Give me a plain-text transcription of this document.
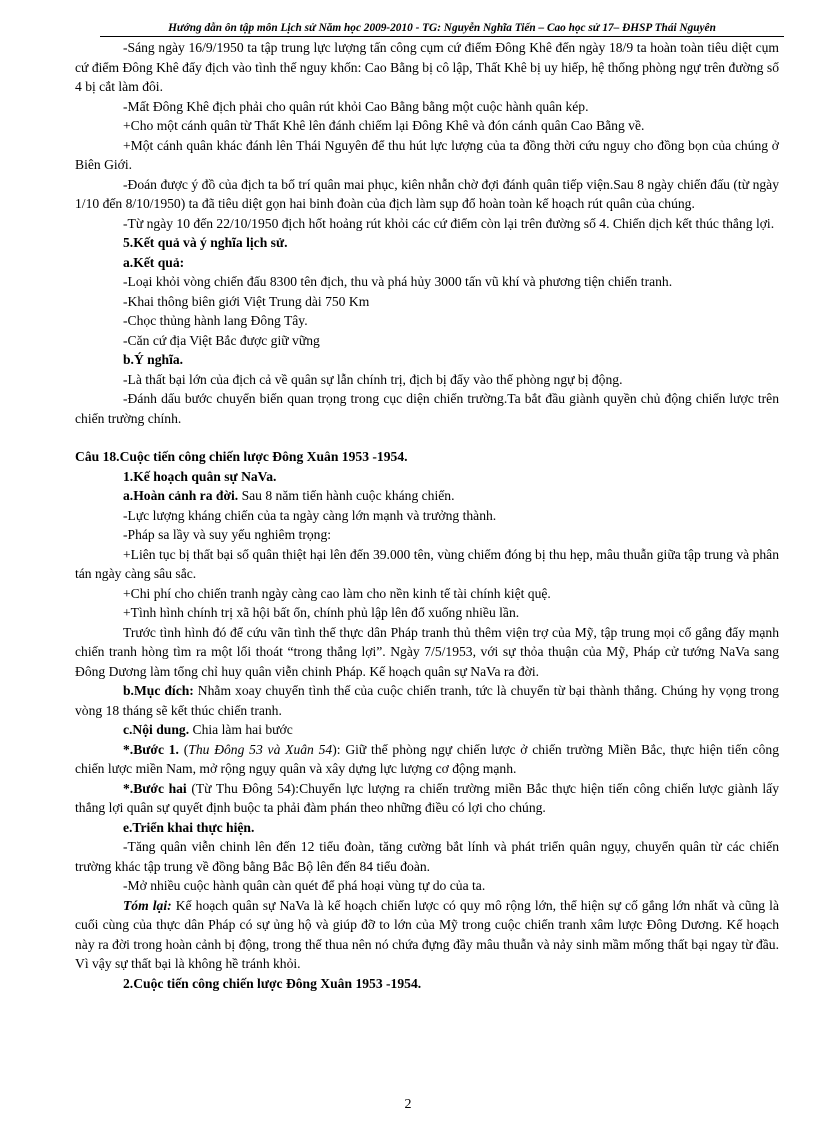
Hướng dẫn ôn tập môn Lịch sử Năm học 2009-2010 - TG: Nguyễn Nghĩa Tiến – Cao học sử 17– ĐHSP Thái Nguyên

-Sáng ngày 16/9/1950 ta tập trung lực lượng tấn công cụm cứ điểm Đông Khê đến ngày 18/9 ta hoàn toàn tiêu diệt cụm cứ điểm Đông Khê đẩy địch vào tình thế nguy khốn: Cao Bằng bị cô lập, Thất Khê bị uy hiếp, hệ thống phòng ngự trên đường số 4 bị cắt làm đôi.

-Mất Đông Khê địch phải cho quân rút khỏi Cao Bằng bằng một cuộc hành quân kép.

+Cho một cánh quân từ Thất Khê lên đánh chiếm lại Đông Khê và đón cánh quân Cao Bằng về.

+Một cánh quân khác đánh lên Thái Nguyên để thu hút lực lượng của ta đồng thời cứu nguy cho đồng bọn của chúng ở Biên Giới.

-Đoán được ý đồ của địch ta bố trí quân mai phục, kiên nhẫn chờ đợi đánh quân tiếp viện.Sau 8 ngày chiến đấu (từ ngày 1/10 đến 8/10/1950) ta đã tiêu diệt gọn hai binh đoàn của địch làm sụp đổ hoàn toàn kế hoạch rút quân của chúng.

-Từ ngày 10 đến 22/10/1950 địch hốt hoảng rút khỏi các cứ điểm còn lại trên đường số 4. Chiến dịch kết thúc thắng lợi.

5.Kết quả và ý nghĩa lịch sử.

a.Kết quả:

-Loại khỏi vòng chiến đấu 8300 tên địch, thu và phá hủy 3000 tấn vũ khí và phương tiện chiến tranh.

-Khai thông biên giới Việt Trung dài 750 Km

-Chọc thủng hành lang Đông Tây.

-Căn cứ địa Việt Bắc được giữ vững

b.Ý nghĩa.

-Là thất bại lớn của địch cả về quân sự lẫn chính trị, địch bị đẩy vào thế phòng ngự bị động.

-Đánh dấu bước chuyển biến quan trọng trong cục diện chiến trường.Ta bắt đầu giành quyền chủ động chiến lược trên chiến trường chính.

Câu 18.Cuộc tiến công chiến lược Đông Xuân 1953 -1954.

1.Kế hoạch quân sự NaVa.

a.Hoàn cảnh ra đời. Sau 8 năm tiến hành cuộc kháng chiến.

-Lực lượng kháng chiến của ta ngày càng lớn mạnh và trưởng thành.

-Pháp sa lầy và suy yếu nghiêm trọng:

+Liên tục bị thất bại số quân thiệt hại lên đến 39.000 tên, vùng chiếm đóng bị thu hẹp, mâu thuẫn giữa tập trung và phân tán ngày càng sâu sắc.

+Chi phí cho chiến tranh ngày càng cao làm cho nền kinh tế tài chính kiệt quệ.

+Tình hình chính trị xã hội bất ổn, chính phủ lập lên đổ xuống nhiều lần.

Trước tình hình đó để cứu vãn tình thế thực dân Pháp tranh thủ thêm viện trợ của Mỹ, tập trung mọi cố gắng đẩy mạnh chiến tranh hòng tìm ra một lối thoát “trong thắng lợi”. Ngày 7/5/1953, với sự thỏa thuận của Mỹ, Pháp cử tướng NaVa sang Đông Dương làm tổng chỉ huy quân viễn chinh Pháp. Kế hoạch quân sự NaVa ra đời.

b.Mục đích: Nhằm xoay chuyển tình thế của cuộc chiến tranh, tức là chuyển từ bại thành thắng. Chúng hy vọng trong vòng 18 tháng sẽ kết thúc chiến tranh.

c.Nội dung. Chia làm hai bước

*.Bước 1. (Thu Đông 53 và Xuân 54): Giữ thế phòng ngự chiến lược ở chiến trường Miền Bắc, thực hiện tiến công chiến lược miền Nam, mở rộng ngụy quân và xây dựng lực lượng cơ động mạnh.

*.Bước hai (Từ Thu Đông 54):Chuyển lực lượng ra chiến trường miền Bắc thực hiện tiến công chiến lược giành lấy thắng lợi quân sự quyết định buộc ta phải đàm phán theo những điều có lợi cho chúng.

e.Triển khai thực hiện.

-Tăng quân viễn chinh lên đến 12 tiểu đoàn, tăng cường bắt lính và phát triển quân ngụy, chuyển quân từ các chiến trường khác tập trung về đồng bằng Bắc Bộ lên đến 84 tiểu đoàn.

-Mở nhiều cuộc hành quân càn quét để phá hoại vùng tự do của ta.

Tóm lại: Kế hoạch quân sự NaVa là kế hoạch chiến lược có quy mô rộng lớn, thể hiện sự cố gắng lớn nhất và cũng là cuối cùng của thực dân Pháp có sự ủng hộ và giúp đỡ to lớn của Mỹ trong cuộc chiến tranh xâm lược Đông Dương. Kế hoạch này ra đời trong hoàn cảnh bị động, trong thế thua nên nó chứa đựng đầy mâu thuẫn và nảy sinh mầm mống thất bại ngay từ đầu. Vì vậy sự thất bại là không hề tránh khỏi.

2.Cuộc tiến công chiến lược Đông Xuân 1953 -1954.

2
